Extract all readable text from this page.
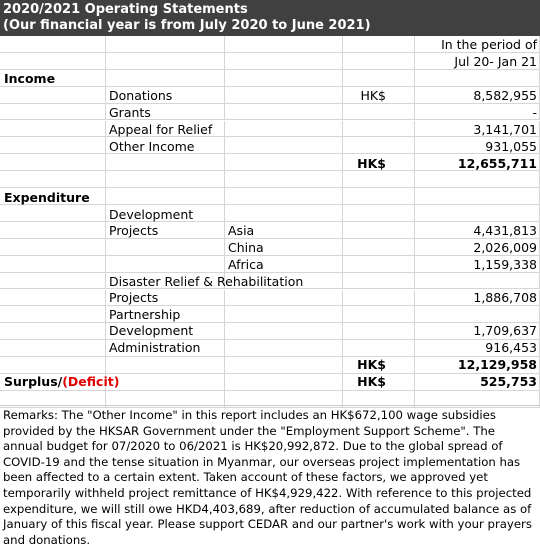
2020/2021 Operating Statements
(Our financial year is from July 2020 to June 2021)
In the period of
Jul 20- Jan 21
Income
Donations	HK$	8,582,955
Grants	-
Appeal for Relief	3,141,701
Other Income	931,055
HK$	12,655,711
Expenditure
Development
Projects	Asia	4,431,813
China	2,026,009
Africa	1,159,338
Disaster Relief & Rehabilitation
Projects	1,886,708
Partnership
Development	1,709,637
Administration	916,453
HK$	12,129,958
Surplus/(Deficit)	HK$	525,753
Remarks: The "Other Income" in this report includes an HK$672,100 wage subsidies provided by the HKSAR Government under the "Employment Support Scheme". The annual budget for 07/2020 to 06/2021 is HK$20,992,872. Due to the global spread of COVID-19 and the tense situation in Myanmar, our overseas project implementation has been affected to a certain extent. Taken account of these factors, we approved yet temporarily withheld project remittance of HK$4,929,422. With reference to this projected expenditure, we will still owe HKD4,403,689, after reduction of accumulated balance as of January of this fiscal year. Please support CEDAR and our partner's work with your prayers and donations.
